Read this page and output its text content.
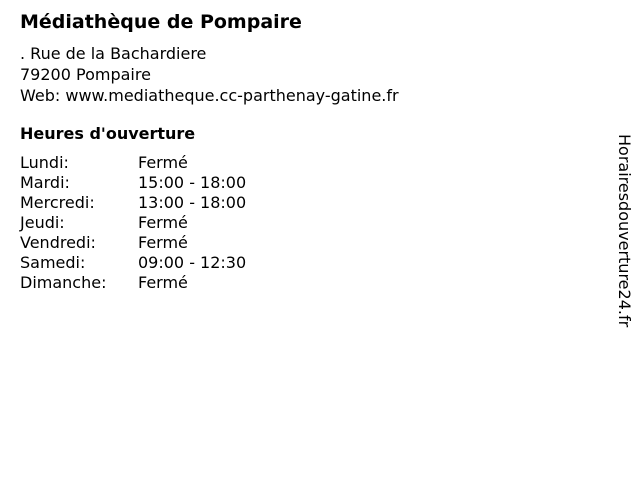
Médiathèque de Pompaire
. Rue de la Bachardiere
79200 Pompaire
Web: www.mediatheque.cc-parthenay-gatine.fr
Heures d'ouverture
Lundi:	Fermé
Mardi:	15:00 - 18:00
Mercredi:	13:00 - 18:00
Jeudi:	Fermé
Vendredi:	Fermé
Samedi:	09:00 - 12:30
Dimanche:	Fermé	Horairesdouverture24.fr
